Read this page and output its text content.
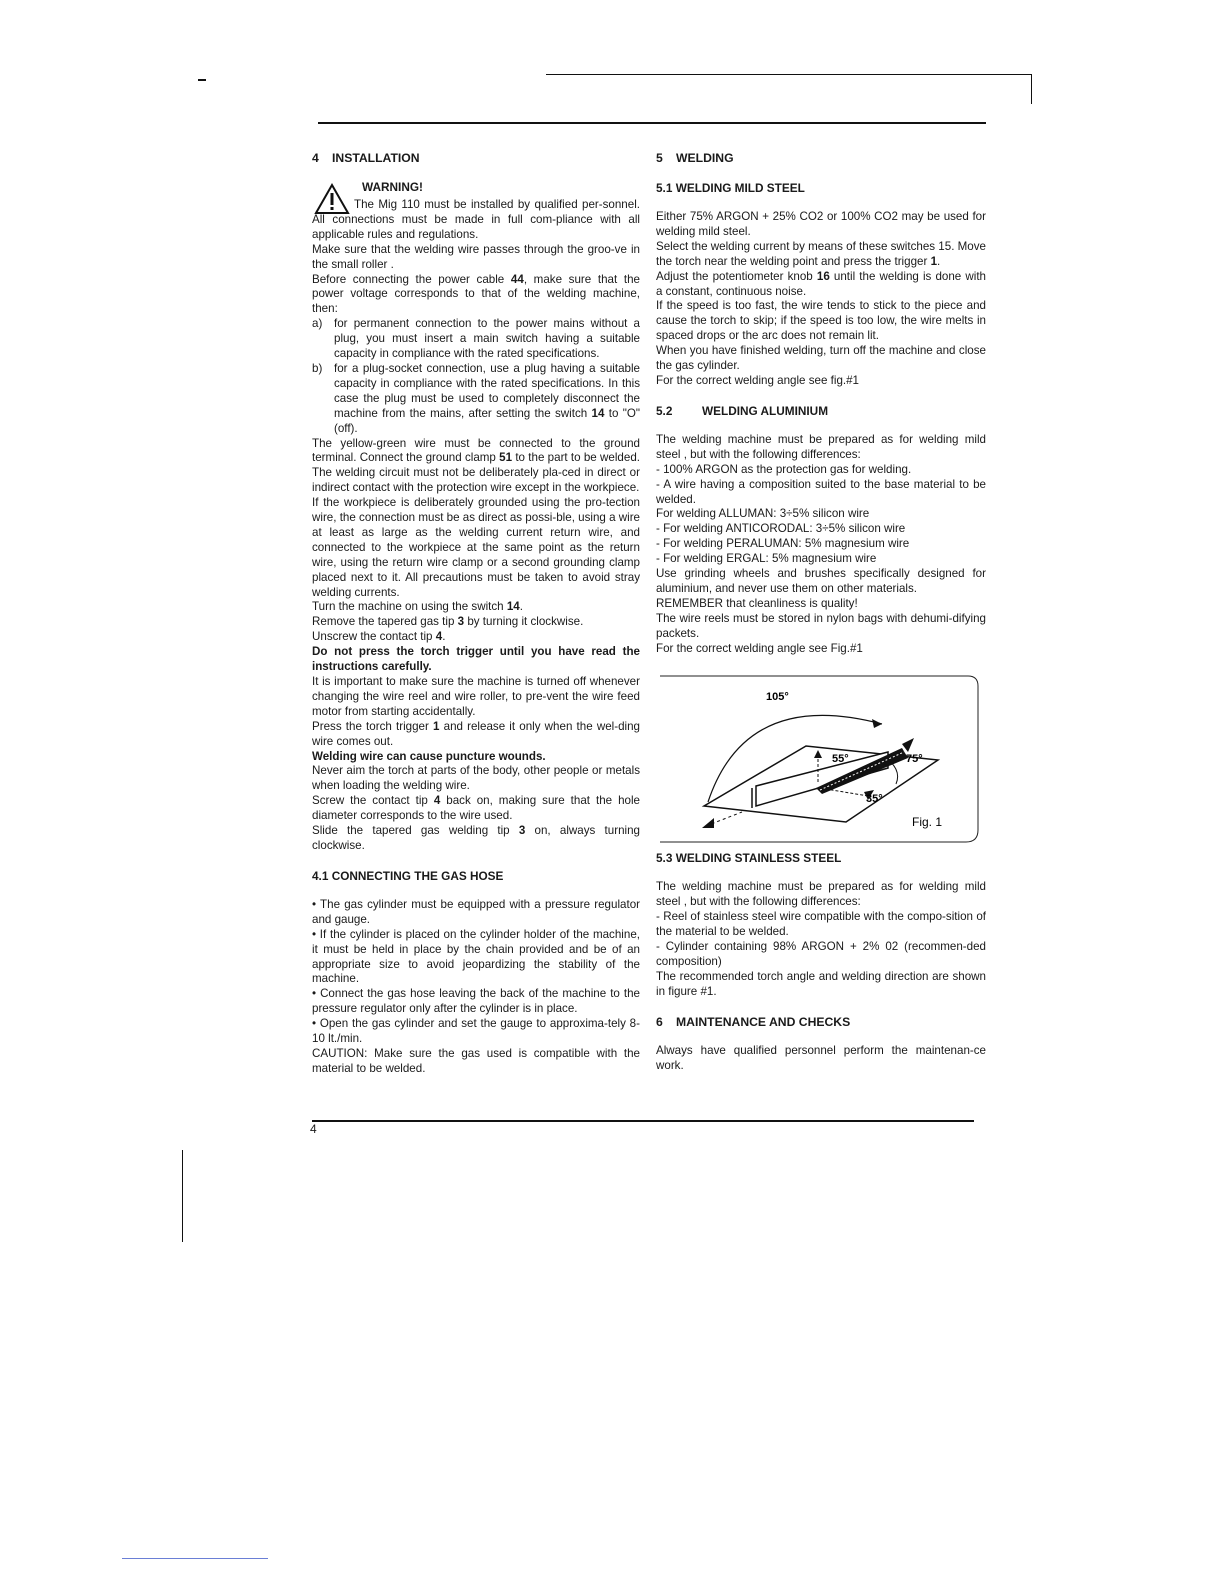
4 INSTALLATION
WARNING!

The Mig 110 must be installed by qualified per-sonnel. All connections must be made in full com-pliance with all applicable rules and regulations.

Make sure that the welding wire passes through the groo-ve in the small roller .

Before connecting the power cable 44, make sure that the power voltage corresponds to that of the welding machine, then:

a) for permanent connection to the power mains without a plug, you must insert a main switch having a suitable capacity in compliance with the rated specifications.

b) for a plug-socket connection, use a plug having a suitable capacity in compliance with the rated specifications. In this case the plug must be used to completely disconnect the machine from the mains, after setting the switch 14 to "O" (off).

The yellow-green wire must be connected to the ground terminal. Connect the ground clamp 51 to the part to be welded. The welding circuit must not be deliberately pla-ced in direct or indirect contact with the protection wire except in the workpiece.

If the workpiece is deliberately grounded using the pro-tection wire, the connection must be as direct as possi-ble, using a wire at least as large as the welding current return wire, and connected to the workpiece at the same point as the return wire, using the return wire clamp or a second grounding clamp placed next to it. All precautions must be taken to avoid stray welding currents.

Turn the machine on using the switch 14.

Remove the tapered gas tip 3 by turning it clockwise.

Unscrew the contact tip 4.

Do not press the torch trigger until you have read the instructions carefully.

It is important to make sure the machine is turned off whenever changing the wire reel and wire roller, to pre-vent the wire feed motor from starting accidentally.

Press the torch trigger 1 and release it only when the wel-ding wire comes out.

Welding wire can cause puncture wounds.

Never aim the torch at parts of the body, other people or metals when loading the welding wire.

Screw the contact tip 4 back on, making sure that the hole diameter corresponds to the wire used.

Slide the tapered gas welding tip 3 on, always turning clockwise.

4.1 CONNECTING THE GAS HOSE

• The gas cylinder must be equipped with a pressure regulator and gauge.

• If the cylinder is placed on the cylinder holder of the machine, it must be held in place by the chain provided and be of an appropriate size to avoid jeopardizing the stability of the machine.

• Connect the gas hose leaving the back of the machine to the pressure regulator only after the cylinder is in place.

• Open the gas cylinder and set the gauge to approxima-tely 8-10 lt./min.

CAUTION: Make sure the gas used is compatible with the material to be welded.

5 WELDING
5.1 WELDING MILD STEEL

Either 75% ARGON + 25% CO2 or 100% CO2 may be used for welding mild steel.

Select the welding current by means of these switches 15. Move the torch near the welding point and press the trigger 1.

Adjust the potentiometer knob 16 until the welding is done with a constant, continuous noise.

If the speed is too fast, the wire tends to stick to the piece and cause the torch to skip; if the speed is too low, the wire melts in spaced drops or the arc does not remain lit.

When you have finished welding, turn off the machine and close the gas cylinder.

For the correct welding angle see fig.#1

5.2	WELDING ALUMINIUM

The welding machine must be prepared as for welding mild steel , but with the following differences:

- 100% ARGON as the protection gas for welding.

- A wire having a composition suited to the base material to be welded.

For welding ALLUMAN: 3÷5% silicon wire

- For welding ANTICORODAL: 3÷5% silicon wire

- For welding PERALUMAN: 5% magnesium wire

- For welding ERGAL: 5% magnesium wire

Use grinding wheels and brushes specifically designed for aluminium, and never use them on other materials.

REMEMBER that cleanliness is quality!

The wire reels must be stored in nylon bags with dehumi-difying packets.

For the correct welding angle see Fig.#1

105°
55°	75°
35°
Fig. 1
5.3 WELDING STAINLESS STEEL

The welding machine must be prepared as for welding mild steel , but with the following differences:

- Reel of stainless steel wire compatible with the compo-sition of the material to be welded.

- Cylinder containing 98% ARGON + 2% 02 (recommen-ded composition)

The recommended torch angle and welding direction are shown in figure #1.

6 MAINTENANCE AND CHECKS

Always have qualified personnel perform the maintenan-ce work.

4
